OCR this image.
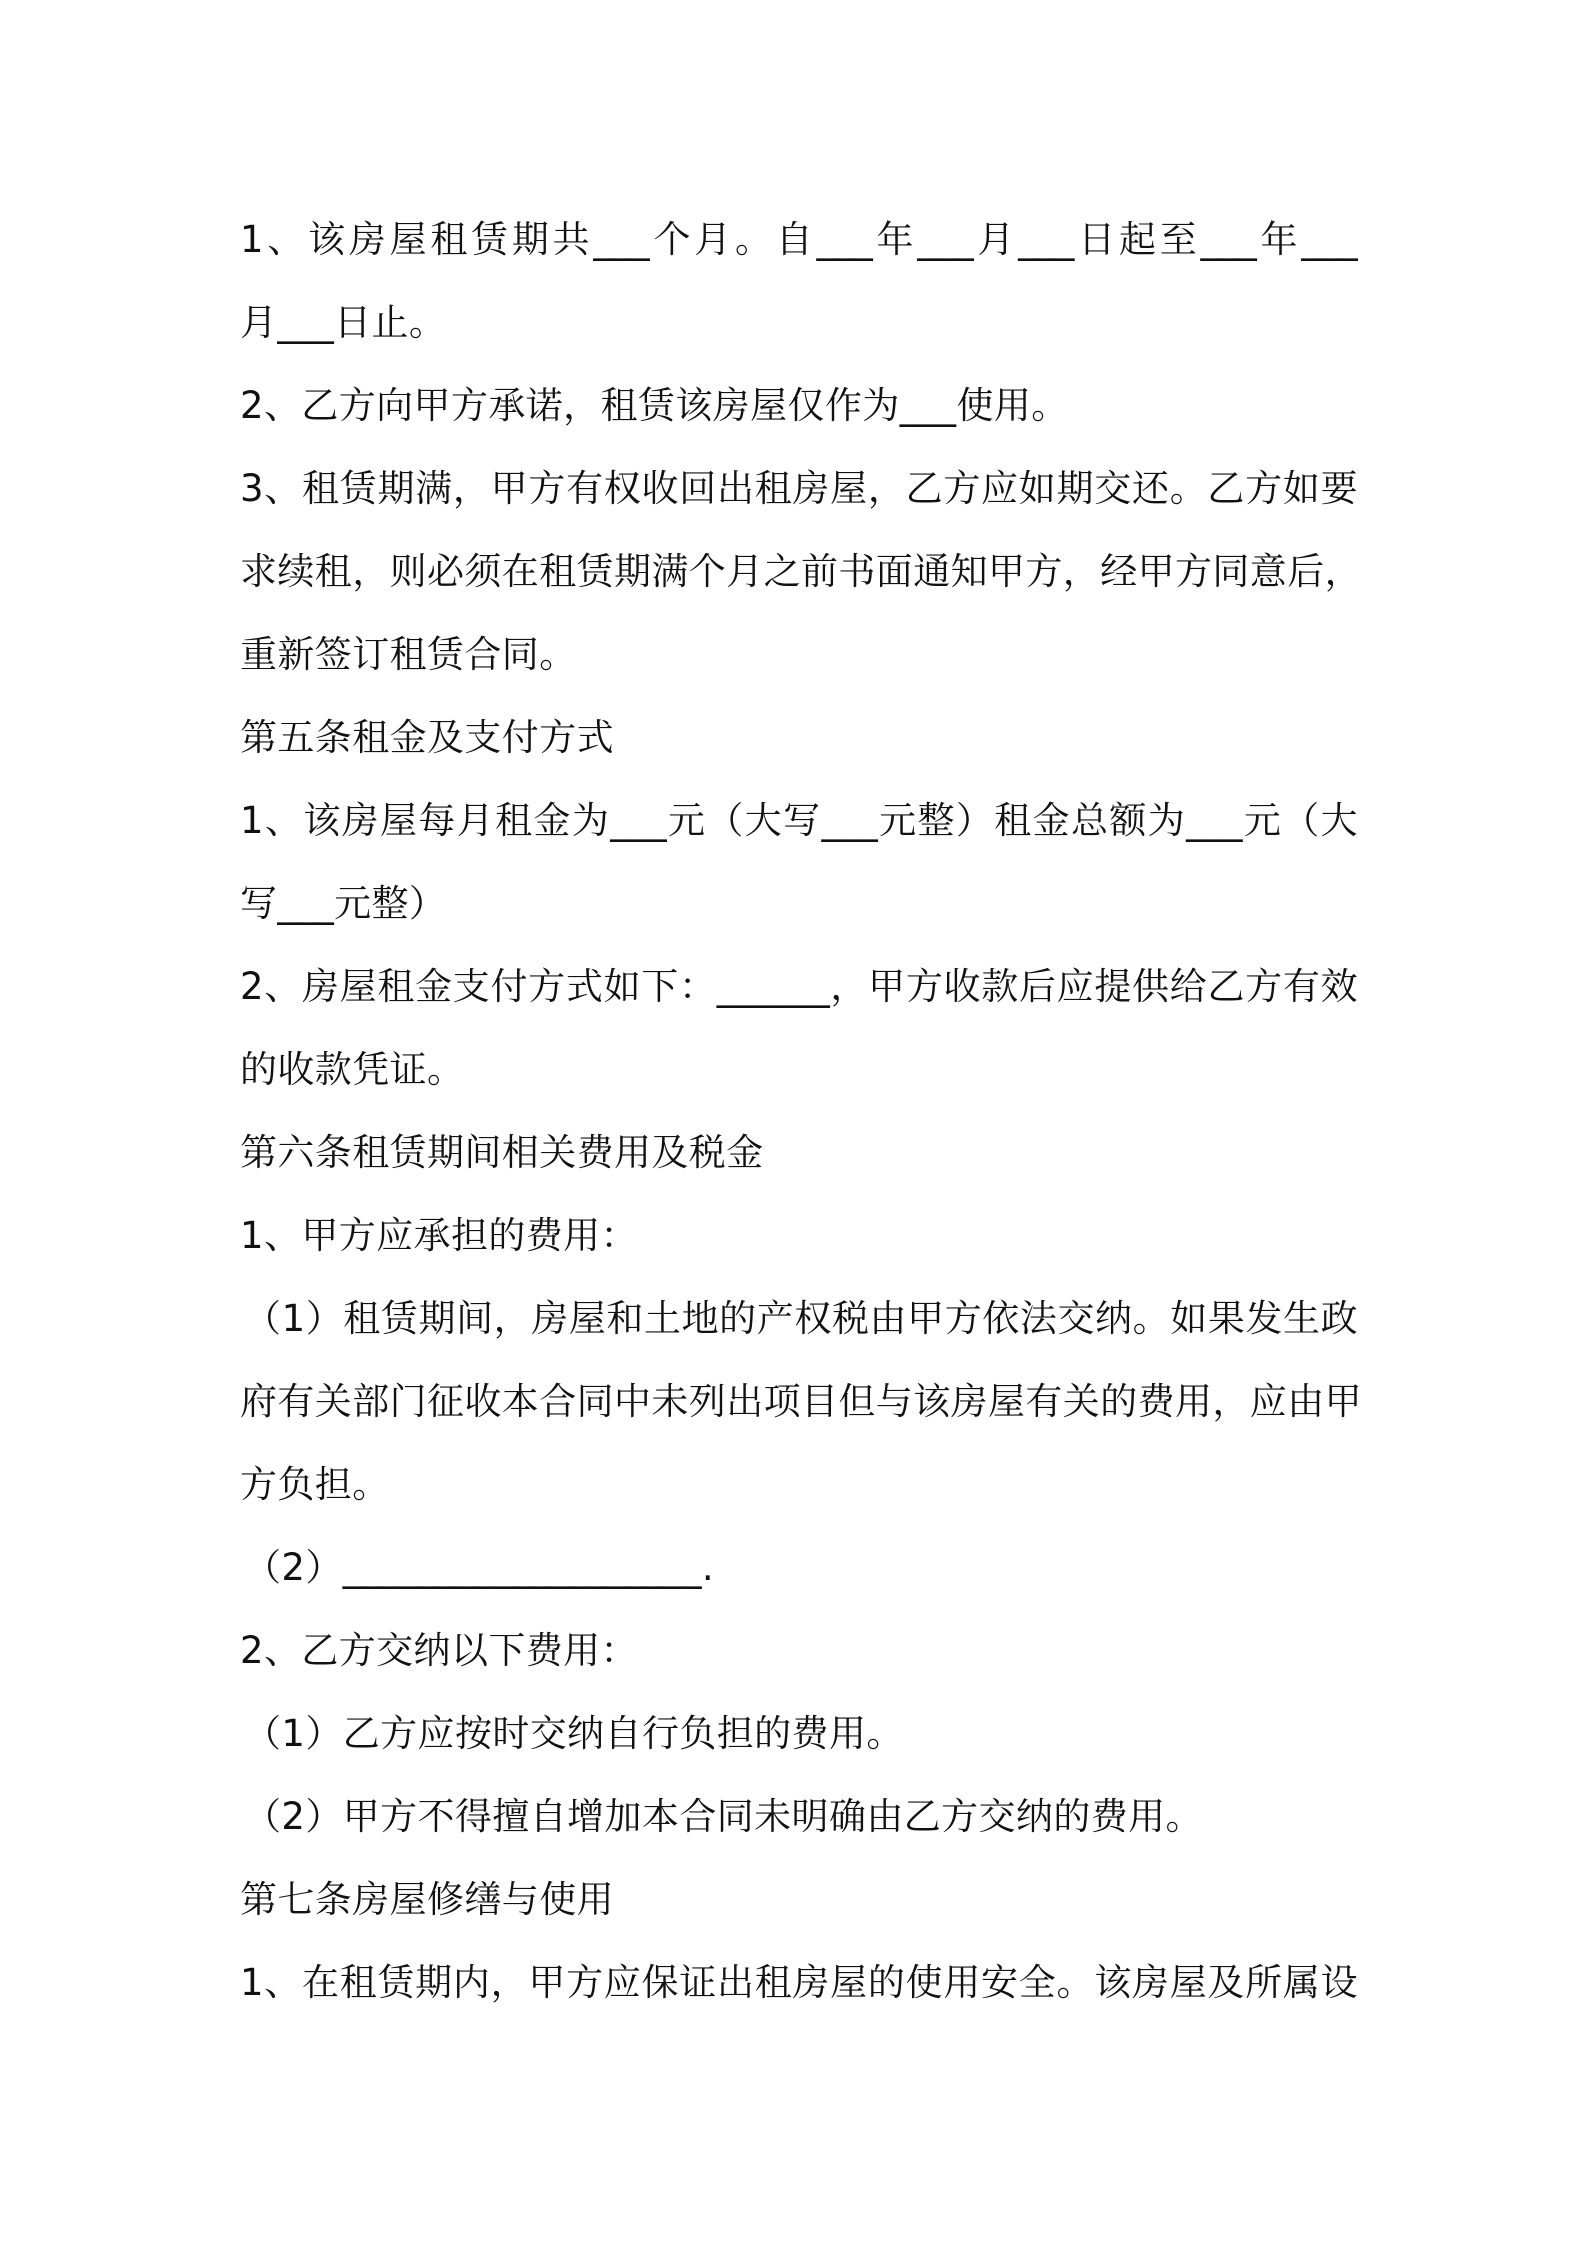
1、该房屋租赁期共___个月。自___年___月___日起至___年___

月___日止。

2、乙方向甲方承诺，租赁该房屋仅作为___使用。

3、租赁期满，甲方有权收回出租房屋，乙方应如期交还。乙方如要

求续租，则必须在租赁期满个月之前书面通知甲方，经甲方同意后，

重新签订租赁合同。

第五条租金及支付方式

1、该房屋每月租金为___元（大写___元整）租金总额为___元（大

写___元整）

2、房屋租金支付方式如下：______，甲方收款后应提供给乙方有效

的收款凭证。

第六条租赁期间相关费用及税金

1、甲方应承担的费用：

（1）租赁期间，房屋和土地的产权税由甲方依法交纳。如果发生政

府有关部门征收本合同中未列出项目但与该房屋有关的费用，应由甲

方负担。

（2）___________________.

2、乙方交纳以下费用：

（1）乙方应按时交纳自行负担的费用。

（2）甲方不得擅自增加本合同未明确由乙方交纳的费用。

第七条房屋修缮与使用

1、在租赁期内，甲方应保证出租房屋的使用安全。该房屋及所属设
